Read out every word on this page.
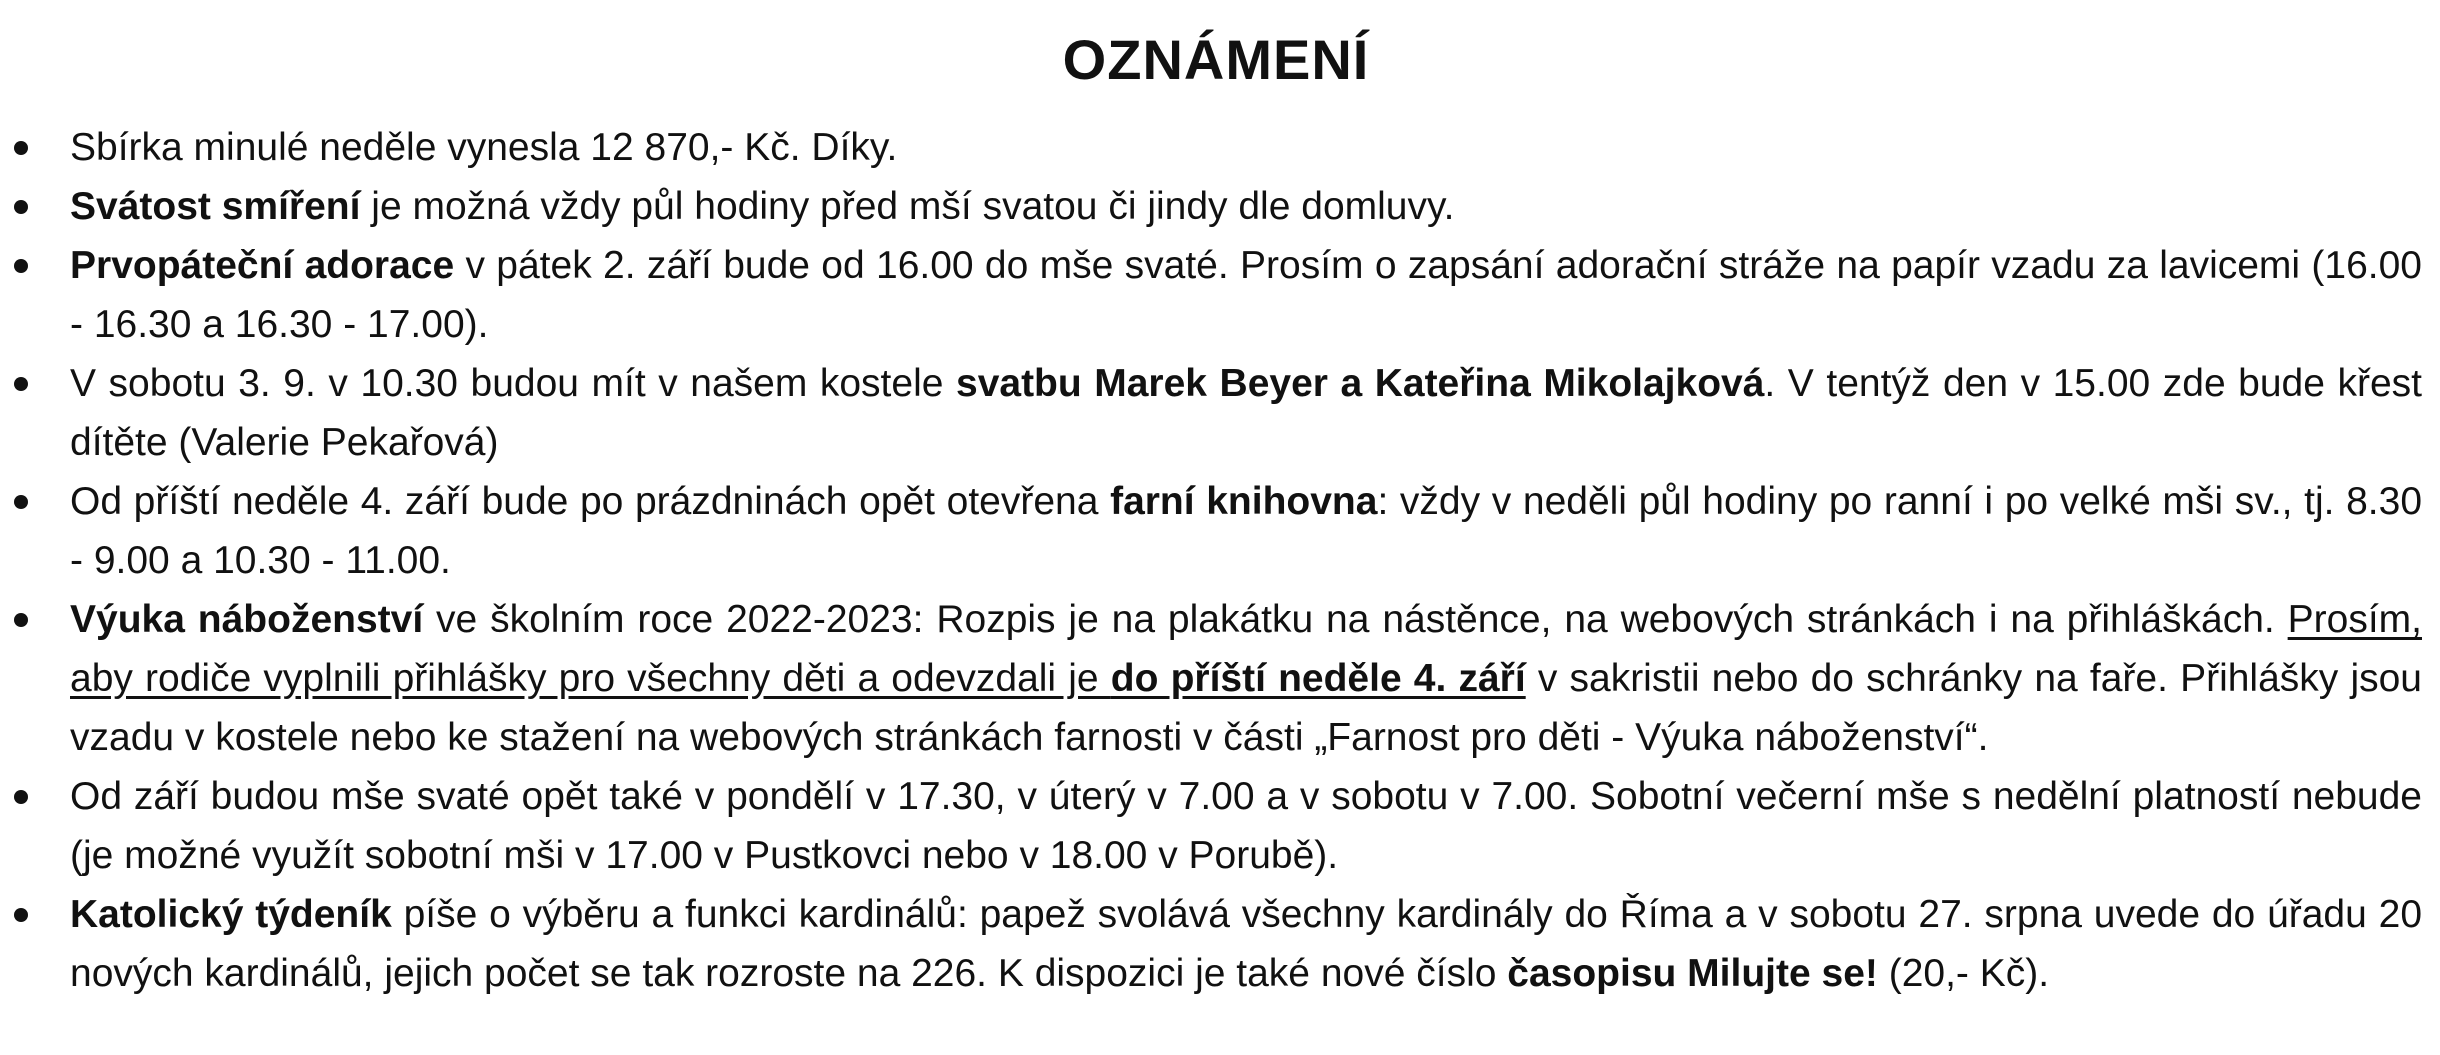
OZNÁMENÍ
Sbírka minulé neděle vynesla 12 870,- Kč. Díky.
Svátost smíření je možná vždy půl hodiny před mší svatou či jindy dle domluvy.
Prvopáteční adorace v pátek 2. září bude od 16.00 do mše svaté. Prosím o zapsání adorační stráže na papír vzadu za lavicemi (16.00 - 16.30 a 16.30 - 17.00).
V sobotu 3. 9. v 10.30 budou mít v našem kostele svatbu Marek Beyer a Kateřina Mikolajková. V tentýž den v 15.00 zde bude křest dítěte (Valerie Pekařová)
Od příští neděle 4. září bude po prázdninách opět otevřena farní knihovna: vždy v neděli půl hodiny po ranní i po velké mši sv., tj. 8.30 - 9.00 a 10.30 - 11.00.
Výuka náboženství ve školním roce 2022-2023: Rozpis je na plakátku na nástěnce, na webových stránkách i na přihláškách. Prosím, aby rodiče vyplnili přihlášky pro všechny děti a odevzdali je do příští neděle 4. září v sakristii nebo do schránky na faře. Přihlášky jsou vzadu v kostele nebo ke stažení na webových stránkách farnosti v části „Farnost pro děti - Výuka náboženství“.
Od září budou mše svaté opět také v pondělí v 17.30, v úterý v 7.00 a v sobotu v 7.00. Sobotní večerní mše s nedělní platností nebude (je možné využít sobotní mši v 17.00 v Pustkovci nebo v 18.00 v Porubě).
Katolický týdeník píše o výběru a funkci kardinálů: papež svolává všechny kardinály do Říma a v sobotu 27. srpna uvede do úřadu 20 nových kardinálů, jejich počet se tak rozroste na 226. K dispozici je také nové číslo časopisu Milujte se! (20,- Kč).
